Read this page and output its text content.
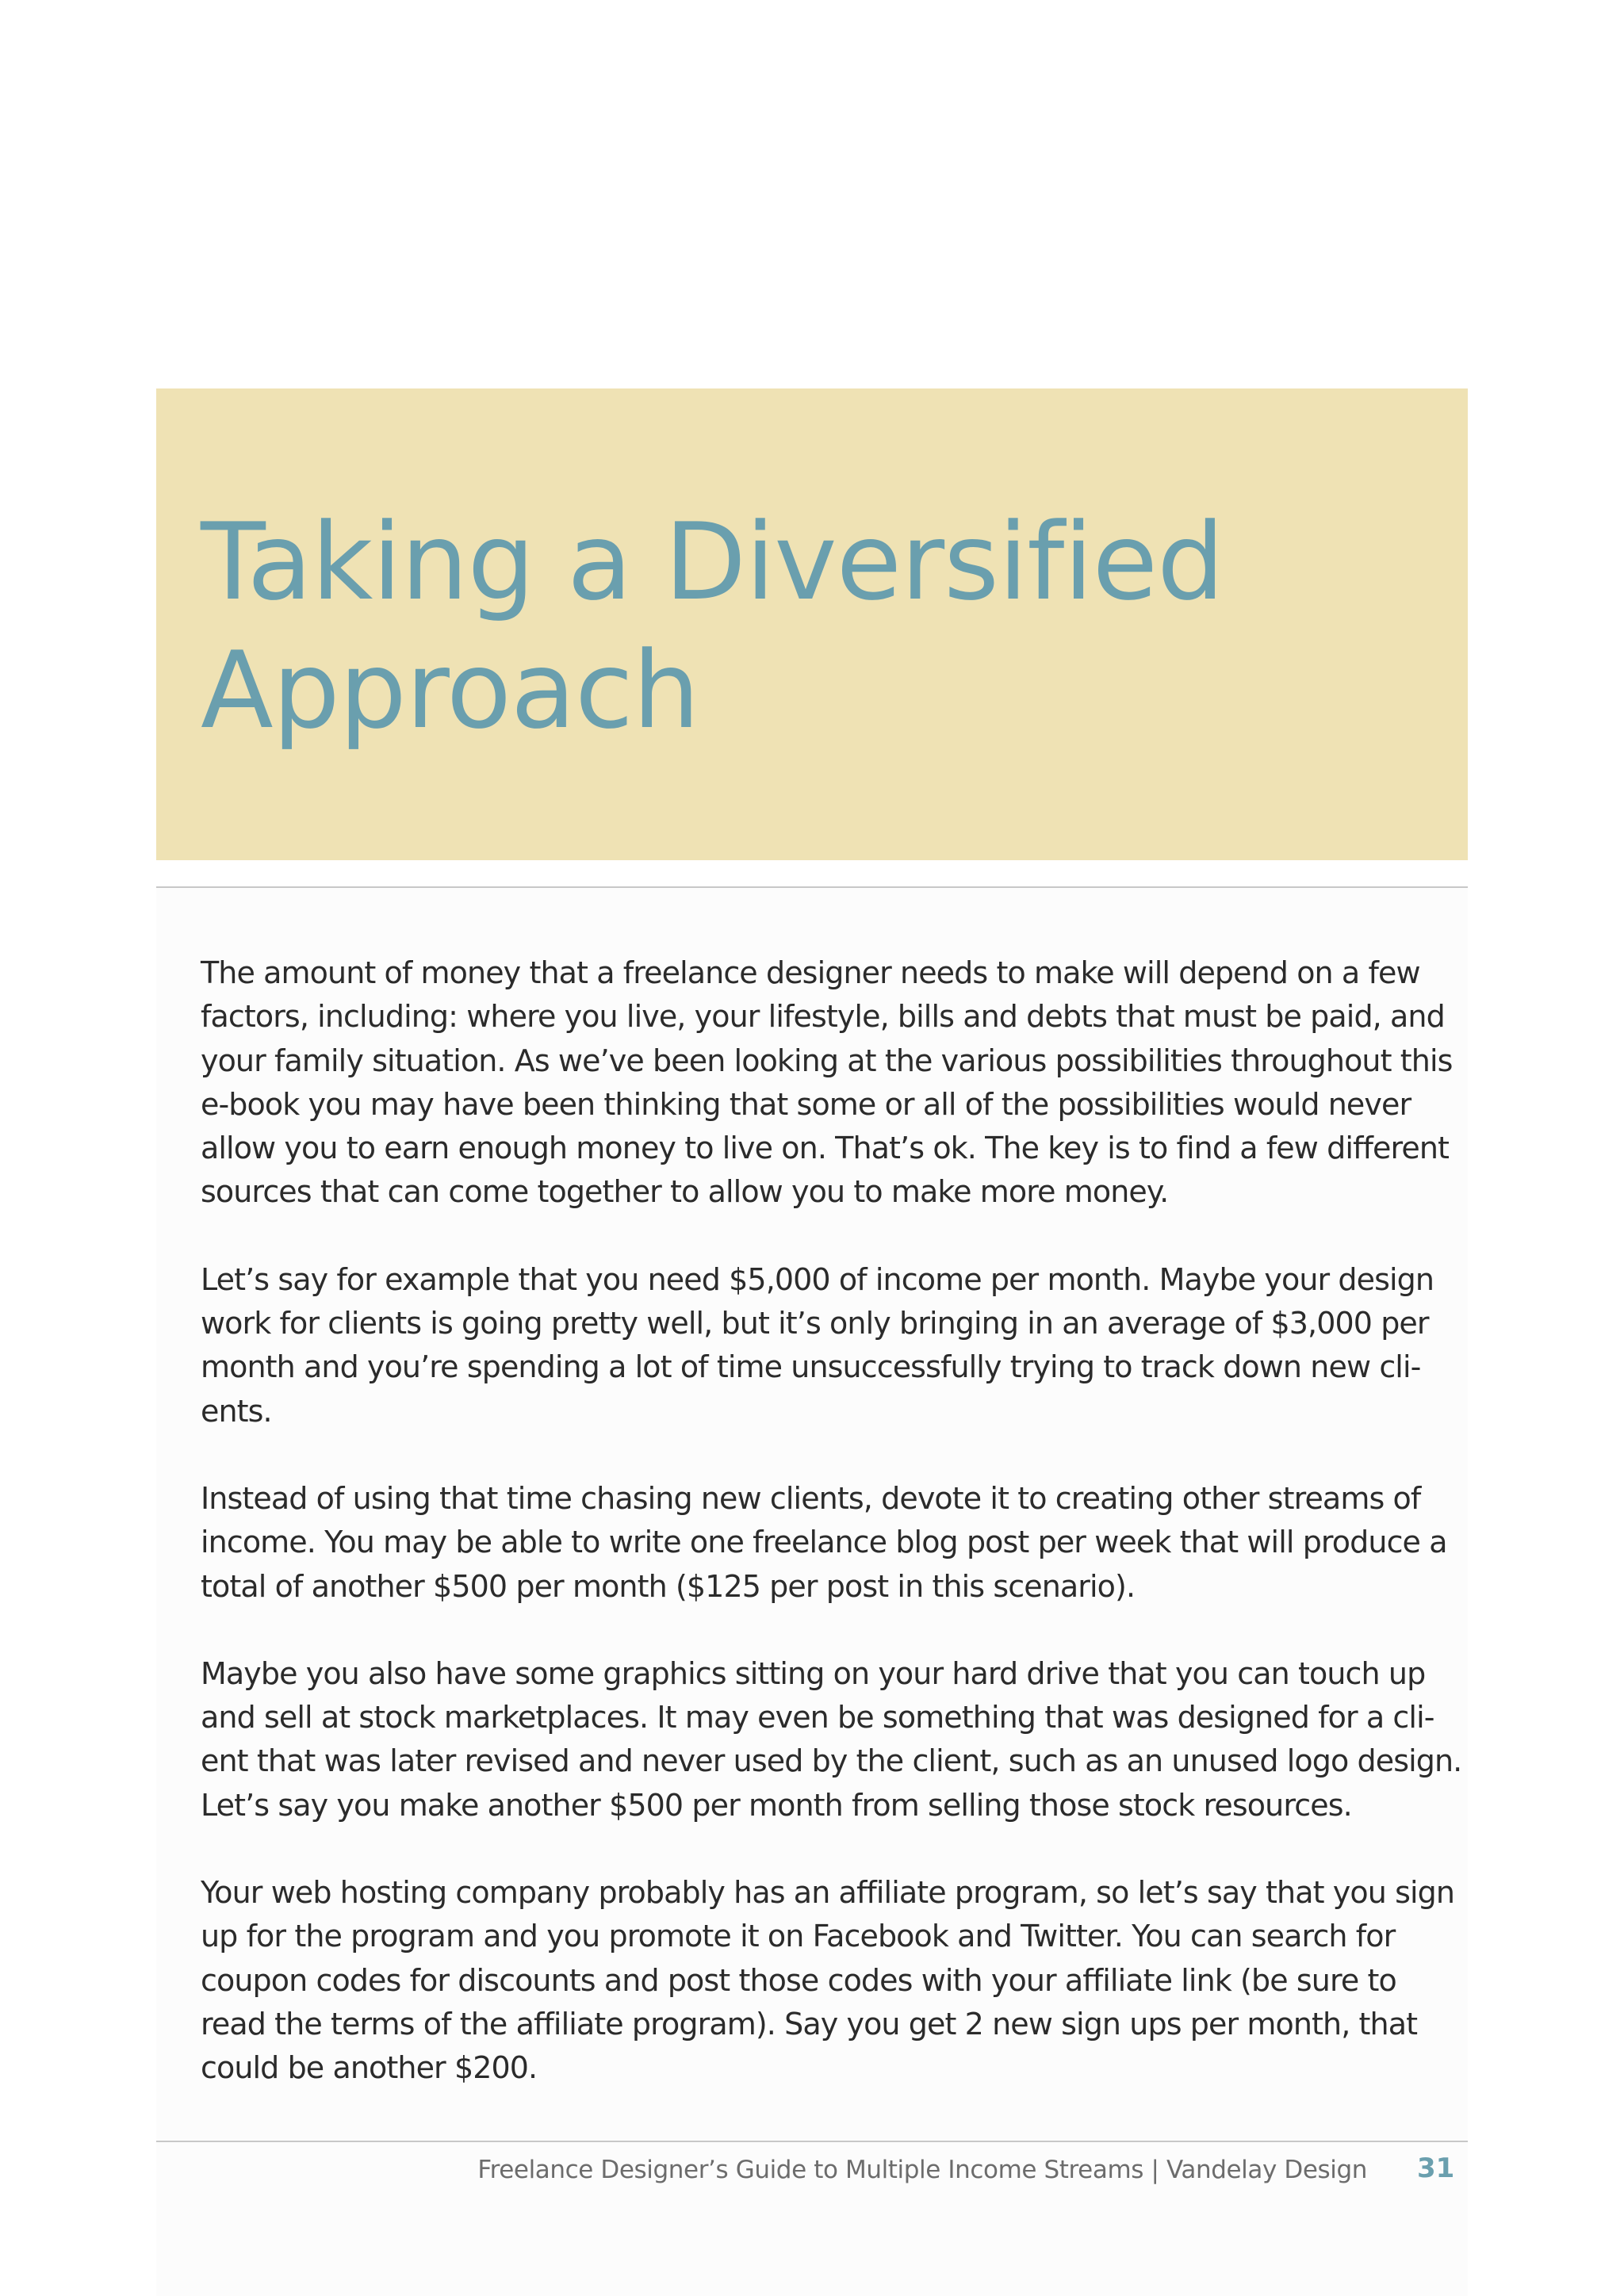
Taking a Diversified
Approach

The amount of money that a freelance designer needs to make will depend on a few
factors, including: where you live, your lifestyle, bills and debts that must be paid, and
your family situation. As we’ve been looking at the various possibilities throughout this
e-book you may have been thinking that some or all of the possibilities would never
allow you to earn enough money to live on. That’s ok. The key is to find a few different
sources that can come together to allow you to make more money.

Let’s say for example that you need $5,000 of income per month. Maybe your design
work for clients is going pretty well, but it’s only bringing in an average of $3,000 per
month and you’re spending a lot of time unsuccessfully trying to track down new cli-
ents.

Instead of using that time chasing new clients, devote it to creating other streams of
income. You may be able to write one freelance blog post per week that will produce a
total of another $500 per month ($125 per post in this scenario).

Maybe you also have some graphics sitting on your hard drive that you can touch up
and sell at stock marketplaces. It may even be something that was designed for a cli-
ent that was later revised and never used by the client, such as an unused logo design.
Let’s say you make another $500 per month from selling those stock resources.

Your web hosting company probably has an affiliate program, so let’s say that you sign
up for the program and you promote it on Facebook and Twitter. You can search for
coupon codes for discounts and post those codes with your affiliate link (be sure to
read the terms of the affiliate program). Say you get 2 new sign ups per month, that
could be another $200.

Freelance Designer’s Guide to Multiple Income Streams | Vandelay Design 31
